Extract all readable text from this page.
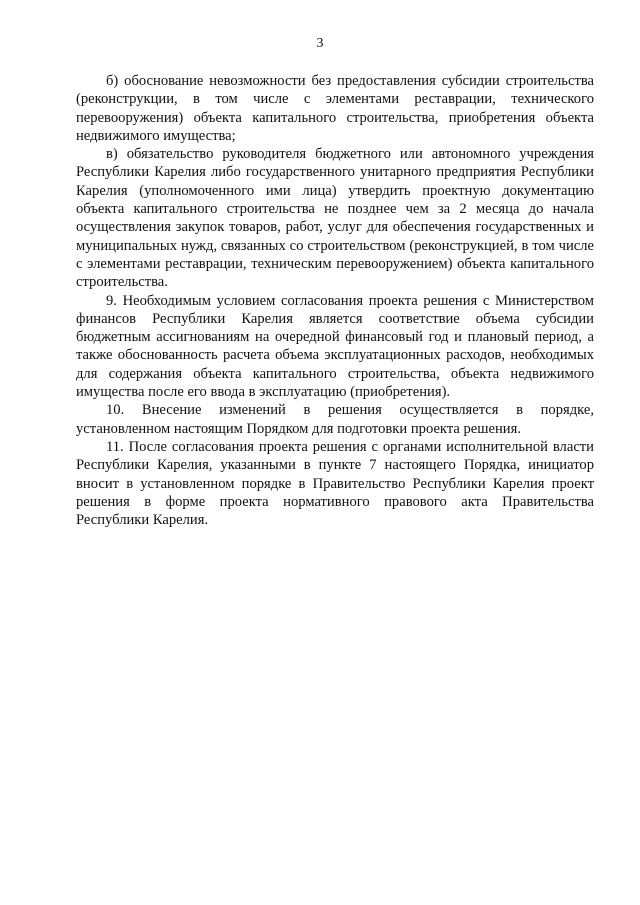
3

б) обоснование невозможности без предоставления субсидии строительства (реконструкции, в том числе с элементами реставрации, технического перевооружения) объекта капитального строительства, приобретения объекта недвижимого имущества;

в) обязательство руководителя бюджетного или автономного учреждения Республики Карелия либо государственного унитарного предприятия Республики Карелия (уполномоченного ими лица) утвердить проектную документацию объекта капитального строительства не позднее чем за 2 месяца до начала осуществления закупок товаров, работ, услуг для обеспечения государственных и муниципальных нужд, связанных со строительством (реконструкцией, в том числе с элементами реставрации, техническим перевооружением) объекта капитального строительства.

9. Необходимым условием согласования проекта решения с Министерством финансов Республики Карелия является соответствие объема субсидии бюджетным ассигнованиям на очередной финансовый год и плановый период, а также обоснованность расчета объема эксплуатационных расходов, необходимых для содержания объекта капитального строительства, объекта недвижимого имущества после его ввода в эксплуатацию (приобретения).

10. Внесение изменений в решения осуществляется в порядке, установленном настоящим Порядком для подготовки проекта решения.

11. После согласования проекта решения с органами исполнительной власти Республики Карелия, указанными в пункте 7 настоящего Порядка, инициатор вносит в установленном порядке в Правительство Республики Карелия проект решения в форме проекта нормативного правового акта Правительства Республики Карелия.
